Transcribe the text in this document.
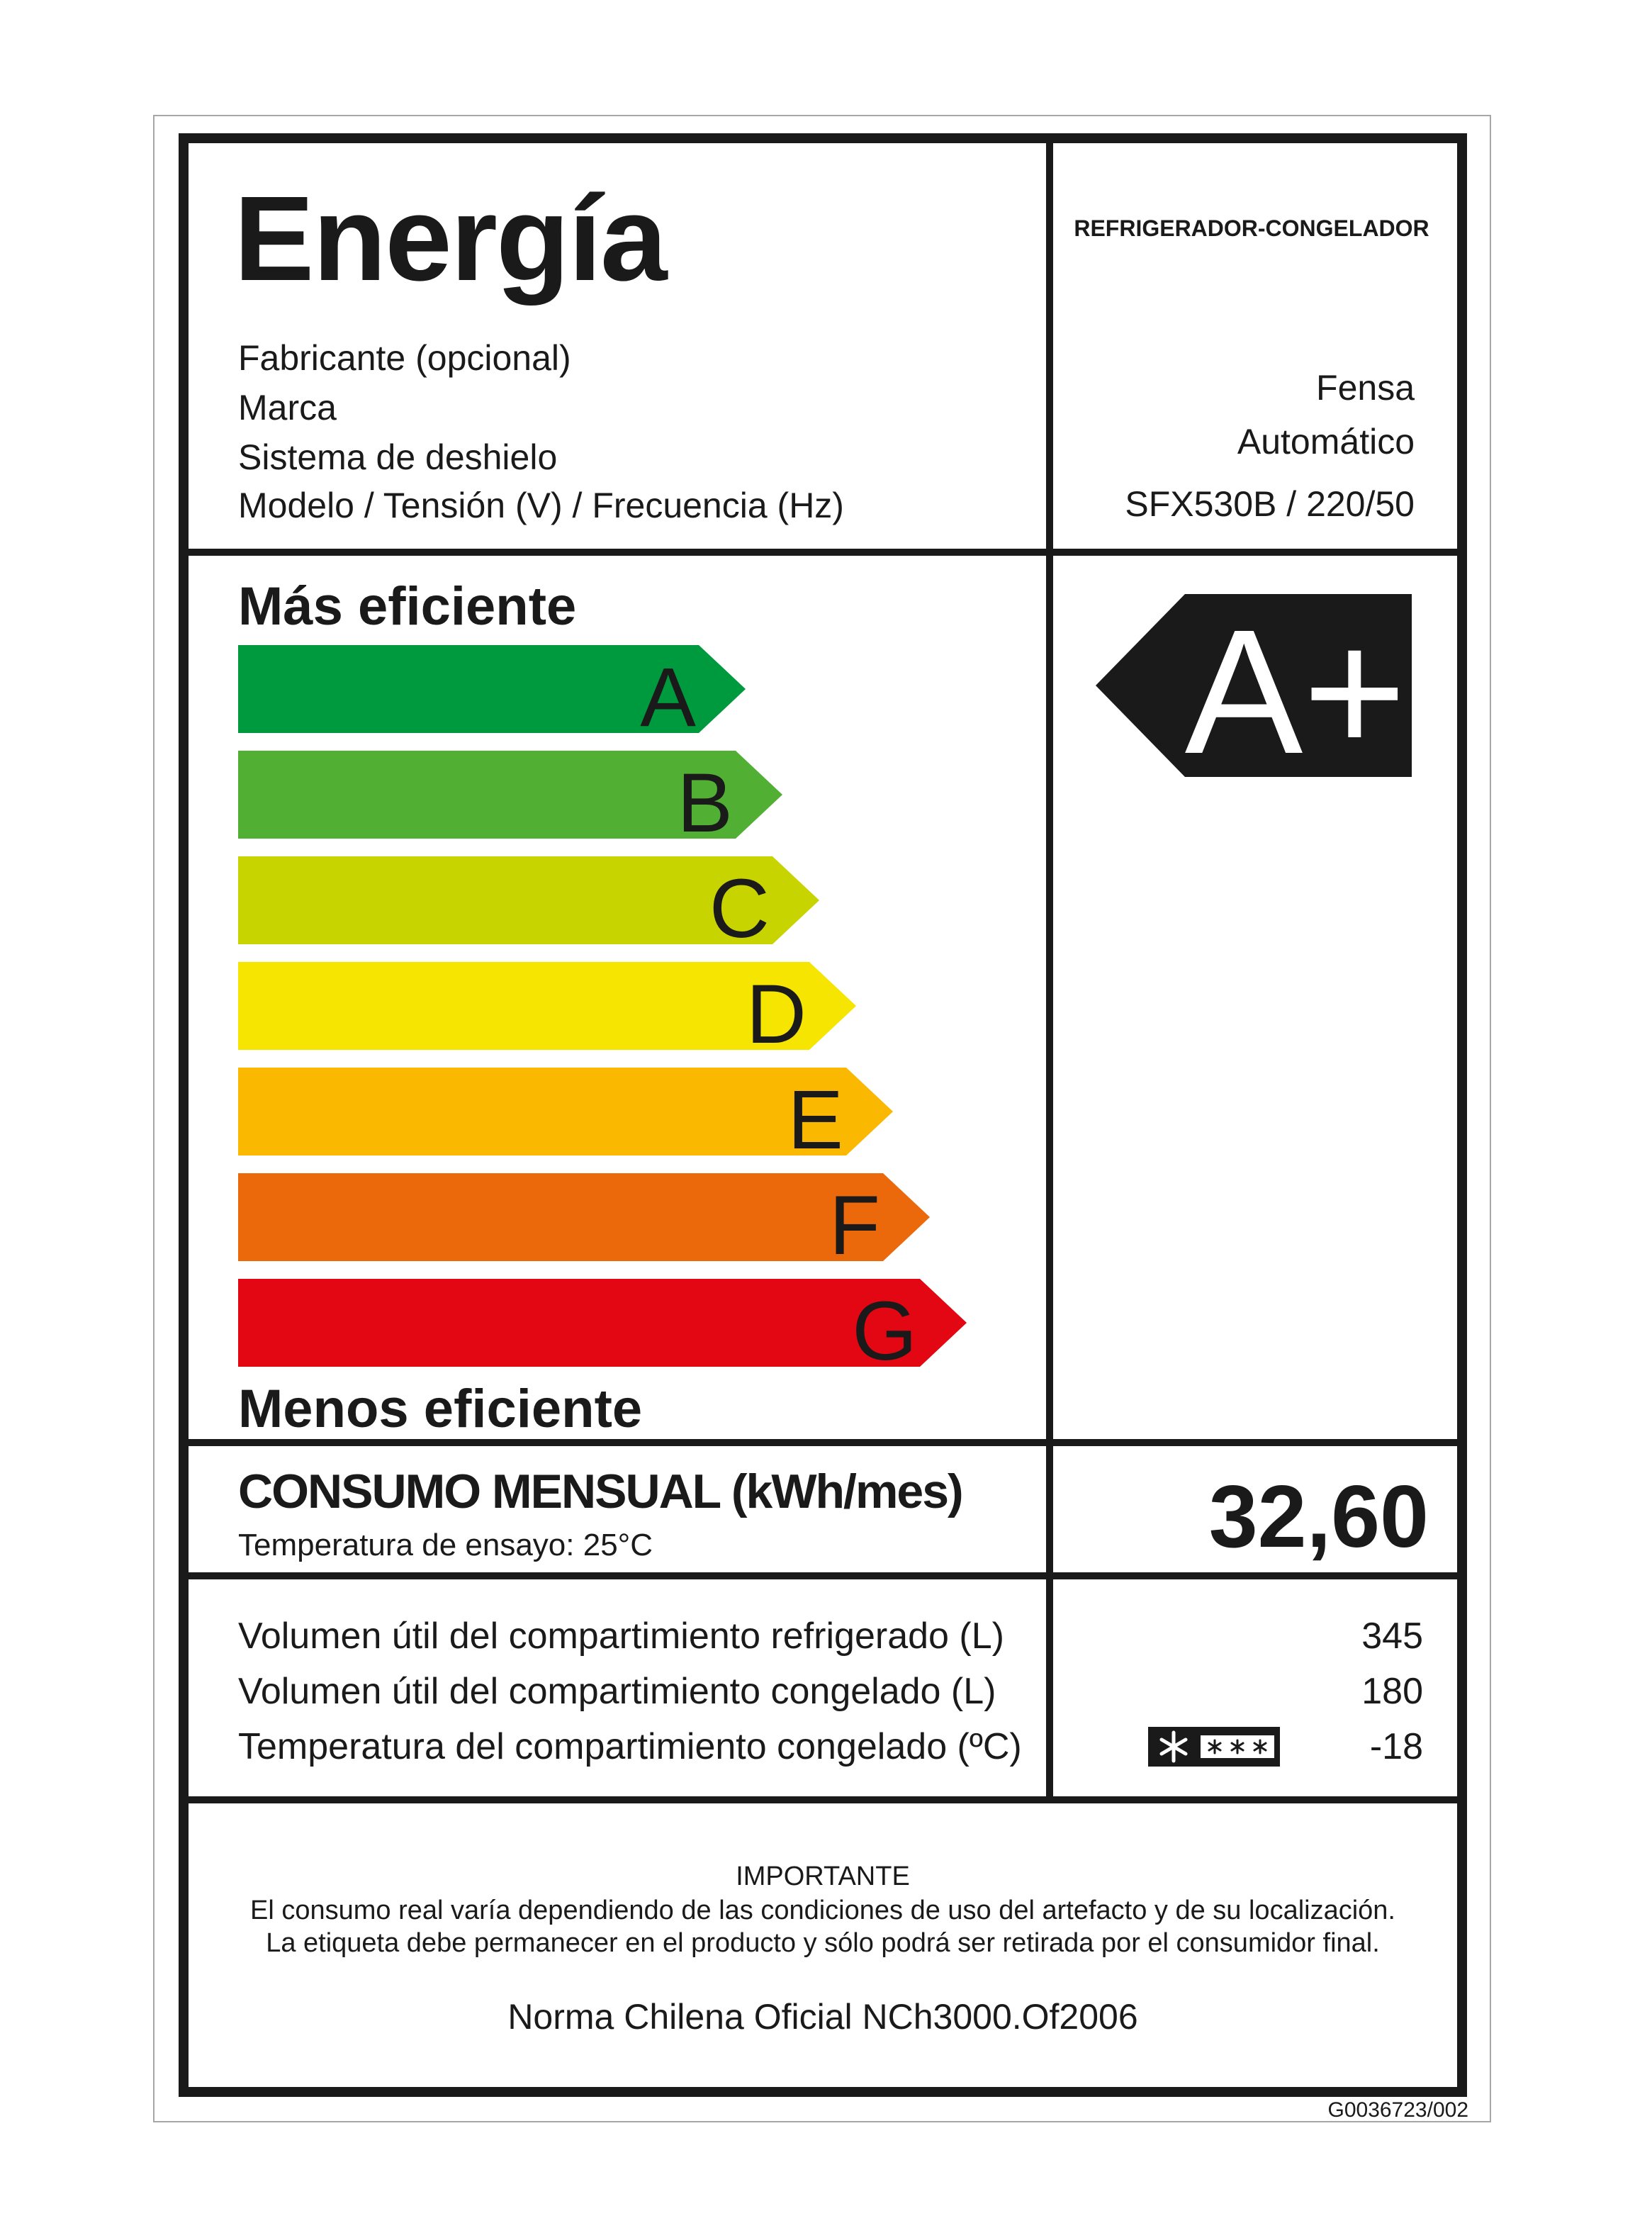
Energía	REFRIGERADOR-CONGELADOR
Fabricante (opcional)
Marca
Sistema de deshielo
Modelo / Tensión (V) / Frecuencia (Hz)
Fensa
Automático
SFX530B / 220/50
Más eficiente
A
B
C
D
E
F
G
Menos eficiente
A+
CONSUMO MENSUAL (kWh/mes)
Temperatura de ensayo: 25°C	32,60
Volumen útil del compartimiento refrigerado (L)
Volumen útil del compartimiento congelado (L)
Temperatura del compartimiento congelado (ºC)
345
180
-18
IMPORTANTE
El consumo real varía dependiendo de las condiciones de uso del artefacto y de su localización.
La etiqueta debe permanecer en el producto y sólo podrá ser retirada por el consumidor final.
Norma Chilena Oficial NCh3000.Of2006
G0036723/002
